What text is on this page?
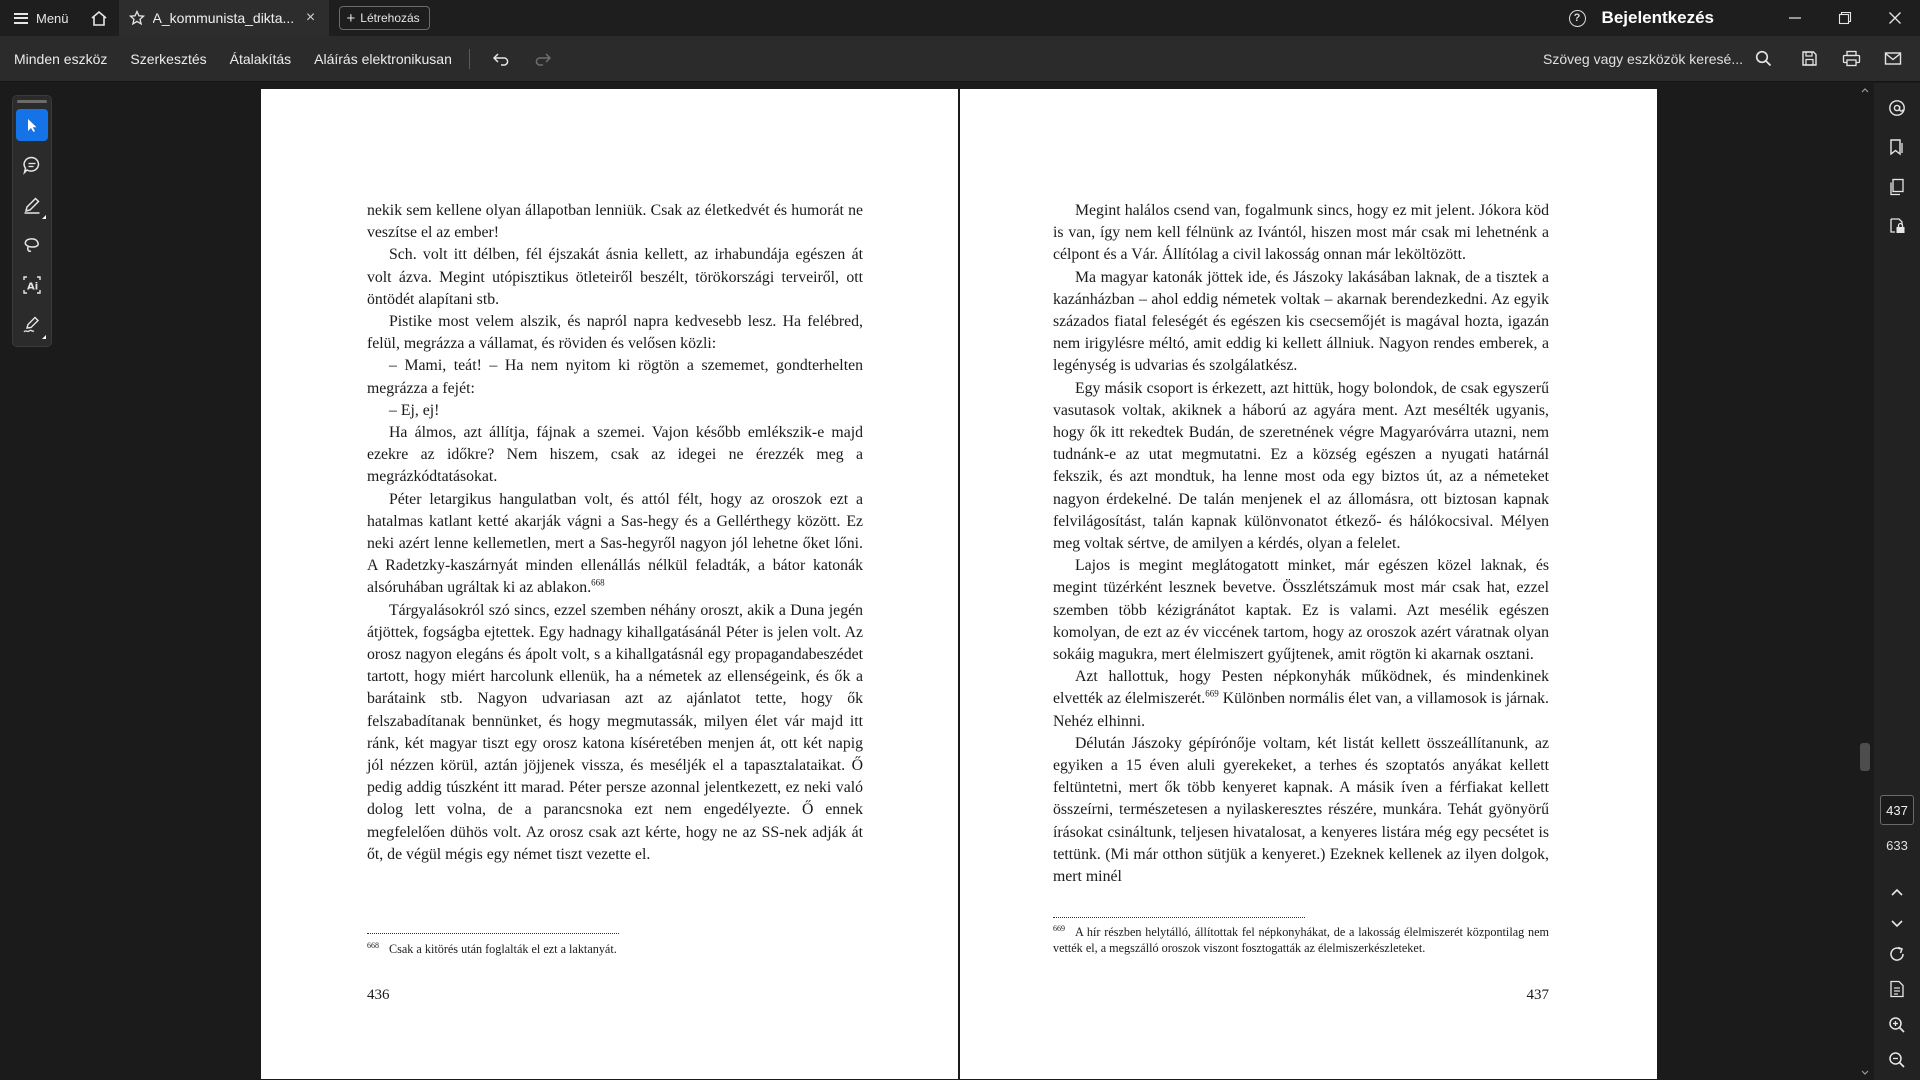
Menü	A_kommunista_dikta... × + Létrehozás	?	Bejelentkezés
Minden eszköz	Szerkesztés	Átalakítás	Aláírás elektronikusan	Szöveg vagy eszközök keresé...

nekik sem kellene olyan állapotban lenniük. Csak az életkedvét és humorát ne veszítse el az ember!

Sch. volt itt délben, fél éjszakát ásnia kellett, az irhabundája egészen át volt ázva. Megint utópisztikus ötleteiről beszélt, törökországi terveiről, ott öntödét alapítani stb.

Pistike most velem alszik, és napról napra kedvesebb lesz. Ha felébred, felül, megrázza a vállamat, és röviden és velősen közli:

– Mami, teát! – Ha nem nyitom ki rögtön a szememet, gondterhelten megrázza a fejét:

– Ej, ej!

Ha álmos, azt állítja, fájnak a szemei. Vajon később emlékszik-e majd ezekre az időkre? Nem hiszem, csak az idegei ne érezzék meg a megrázkódtatásokat.

Péter letargikus hangulatban volt, és attól félt, hogy az oroszok ezt a hatalmas katlant ketté akarják vágni a Sas-hegy és a Gellérthegy között. Ez neki azért lenne kellemetlen, mert a Sas-hegyről nagyon jól lehetne őket lőni. A Radetzky-kaszárnyát minden ellenállás nélkül feladták, a bátor katonák alsóruhában ugráltak ki az ablakon.$^{668}$

Tárgyalásokról szó sincs, ezzel szemben néhány oroszt, akik a Duna jegén átjöttek, fogságba ejtettek. Egy hadnagy kihallgatásánál Péter is jelen volt. Az orosz nagyon elegáns és ápolt volt, s a kihallgatásnál egy propagandabeszédet tartott, hogy miért harcolunk ellenük, ha a németek az ellenségeink, és ők a barátaink stb. Nagyon udvariasan azt az ajánlatot tette, hogy ők felszabadítanak bennünket, és hogy megmutassák, milyen élet vár majd itt ránk, két magyar tiszt egy orosz katona kíséretében menjen át, ott két napig jól nézzen körül, aztán jöjjenek vissza, és meséljék el a tapasztalataikat. Ő pedig addig túszként itt marad. Péter persze azonnal jelentkezett, ez neki való dolog lett volna, de a parancsnoka ezt nem engedélyezte. Ő ennek megfelelően dühös volt. Az orosz csak azt kérte, hogy ne az SS-nek adják át őt, de végül mégis egy német tiszt vezette el.

$^{668}$ Csak a kitörés után foglalták el ezt a laktanyát.
436

Megint halálos csend van, fogalmunk sincs, hogy ez mit jelent. Jókora köd is van, így nem kell félnünk az Ivántól, hiszen most már csak mi lehetnénk a célpont és a Vár. Állítólag a civil lakosság onnan már leköltözött.

Ma magyar katonák jöttek ide, és Jászoky lakásában laknak, de a tisztek a kazánházban – ahol eddig németek voltak – akarnak berendezkedni. Az egyik százados fiatal feleségét és egészen kis csecsemőjét is magával hozta, igazán nem irigylésre méltó, amit eddig ki kellett állniuk. Nagyon rendes emberek, a legénység is udvarias és szolgálatkész.

Egy másik csoport is érkezett, azt hittük, hogy bolondok, de csak egyszerű vasutasok voltak, akiknek a háború az agyára ment. Azt mesélték ugyanis, hogy ők itt rekedtek Budán, de szeretnének végre Magyaróvárra utazni, nem tudnánk-e az utat megmutatni. Ez a község egészen a nyugati határnál fekszik, és azt mondtuk, ha lenne most oda egy biztos út, az a németeket nagyon érdekelné. De talán menjenek el az állomásra, ott biztosan kapnak felvilágosítást, talán kapnak különvonatot étkező- és hálókocsival. Mélyen meg voltak sértve, de amilyen a kérdés, olyan a felelet.

Lajos is megint meglátogatott minket, már egészen közel laknak, és megint tüzérként lesznek bevetve. Összlétszámuk most már csak hat, ezzel szemben több kézigránátot kaptak. Ez is valami. Azt mesélik egészen komolyan, de ezt az év viccének tartom, hogy az oroszok azért váratnak olyan sokáig magukra, mert élelmiszert gyűjtenek, amit rögtön ki akarnak osztani.

Azt hallottuk, hogy Pesten népkonyhák működnek, és mindenkinek elvették az élelmiszerét.$^{669}$ Különben normális élet van, a villamosok is járnak. Nehéz elhinni.

Délután Jászoky gépírónője voltam, két listát kellett összeállítanunk, az egyiken a 15 éven aluli gyerekeket, a terhes és szoptatós anyákat kellett feltüntetni, mert ők több kenyeret kapnak. A másik íven a férfiakat kellett összeírni, természetesen a nyilaskeresztes részére, munkára. Tehát gyönyörű írásokat csináltunk, teljesen hivatalosat, a kenyeres listára még egy pecsétet is tettünk. (Mi már otthon sütjük a kenyeret.) Ezeknek kellenek az ilyen dolgok, mert minél

$^{669}$ A hír részben helytálló, állítottak fel népkonyhákat, de a lakosság élelmiszerét központilag nem vették el, a megszálló oroszok viszont fosztogatták az élelmiszerkészleteket.
437
Ai
437
633
